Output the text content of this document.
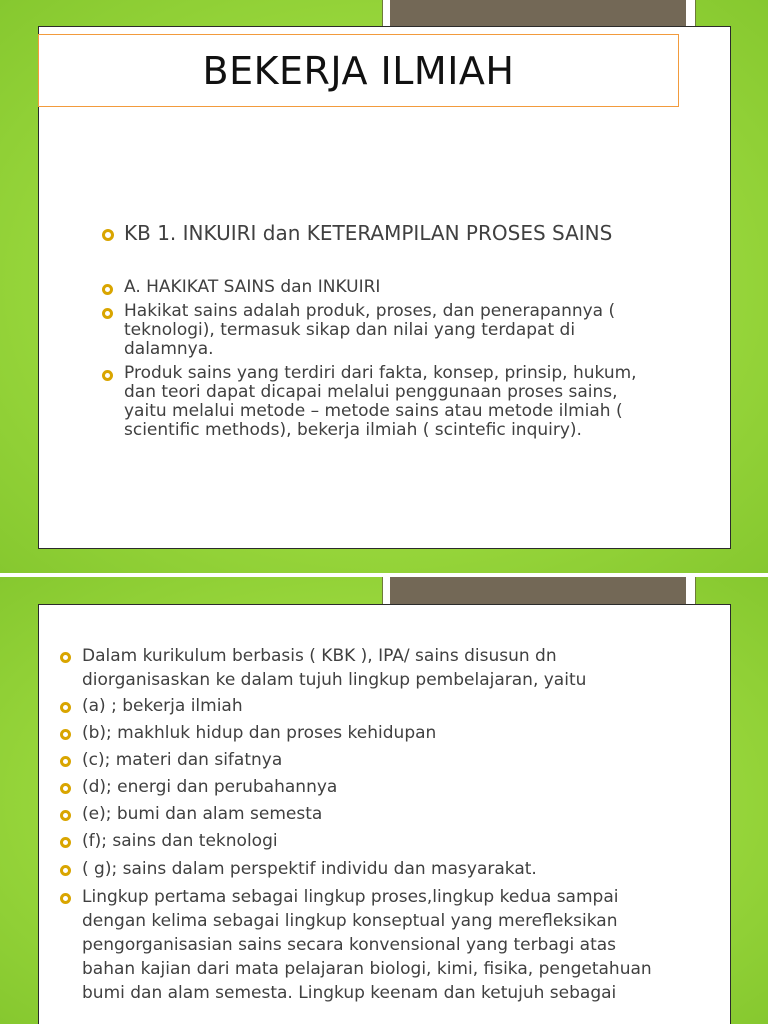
BEKERJA ILMIAH
KB 1. INKUIRI dan KETERAMPILAN PROSES SAINS
A. HAKIKAT SAINS dan INKUIRI
Hakikat sains adalah produk, proses, dan penerapannya ( teknologi), termasuk sikap dan nilai yang terdapat di dalamnya.
Produk sains yang terdiri dari fakta, konsep, prinsip, hukum, dan teori dapat dicapai melalui penggunaan proses sains, yaitu melalui metode – metode sains atau metode ilmiah ( scientific methods), bekerja ilmiah ( scintefic inquiry).
Dalam kurikulum berbasis ( KBK ), IPA/ sains disusun dn diorganisaskan ke dalam tujuh lingkup pembelajaran, yaitu
(a) ; bekerja ilmiah
(b); makhluk hidup dan proses kehidupan
(c); materi dan sifatnya
(d); energi dan perubahannya
(e); bumi dan alam semesta
(f); sains dan teknologi
( g); sains dalam perspektif individu dan masyarakat.
Lingkup pertama sebagai lingkup proses,lingkup kedua sampai dengan kelima sebagai lingkup konseptual yang merefleksikan pengorganisasian sains secara konvensional yang terbagi atas bahan kajian dari mata pelajaran biologi, kimi, fisika, pengetahuan bumi dan alam semesta. Lingkup keenam dan ketujuh sebagai
